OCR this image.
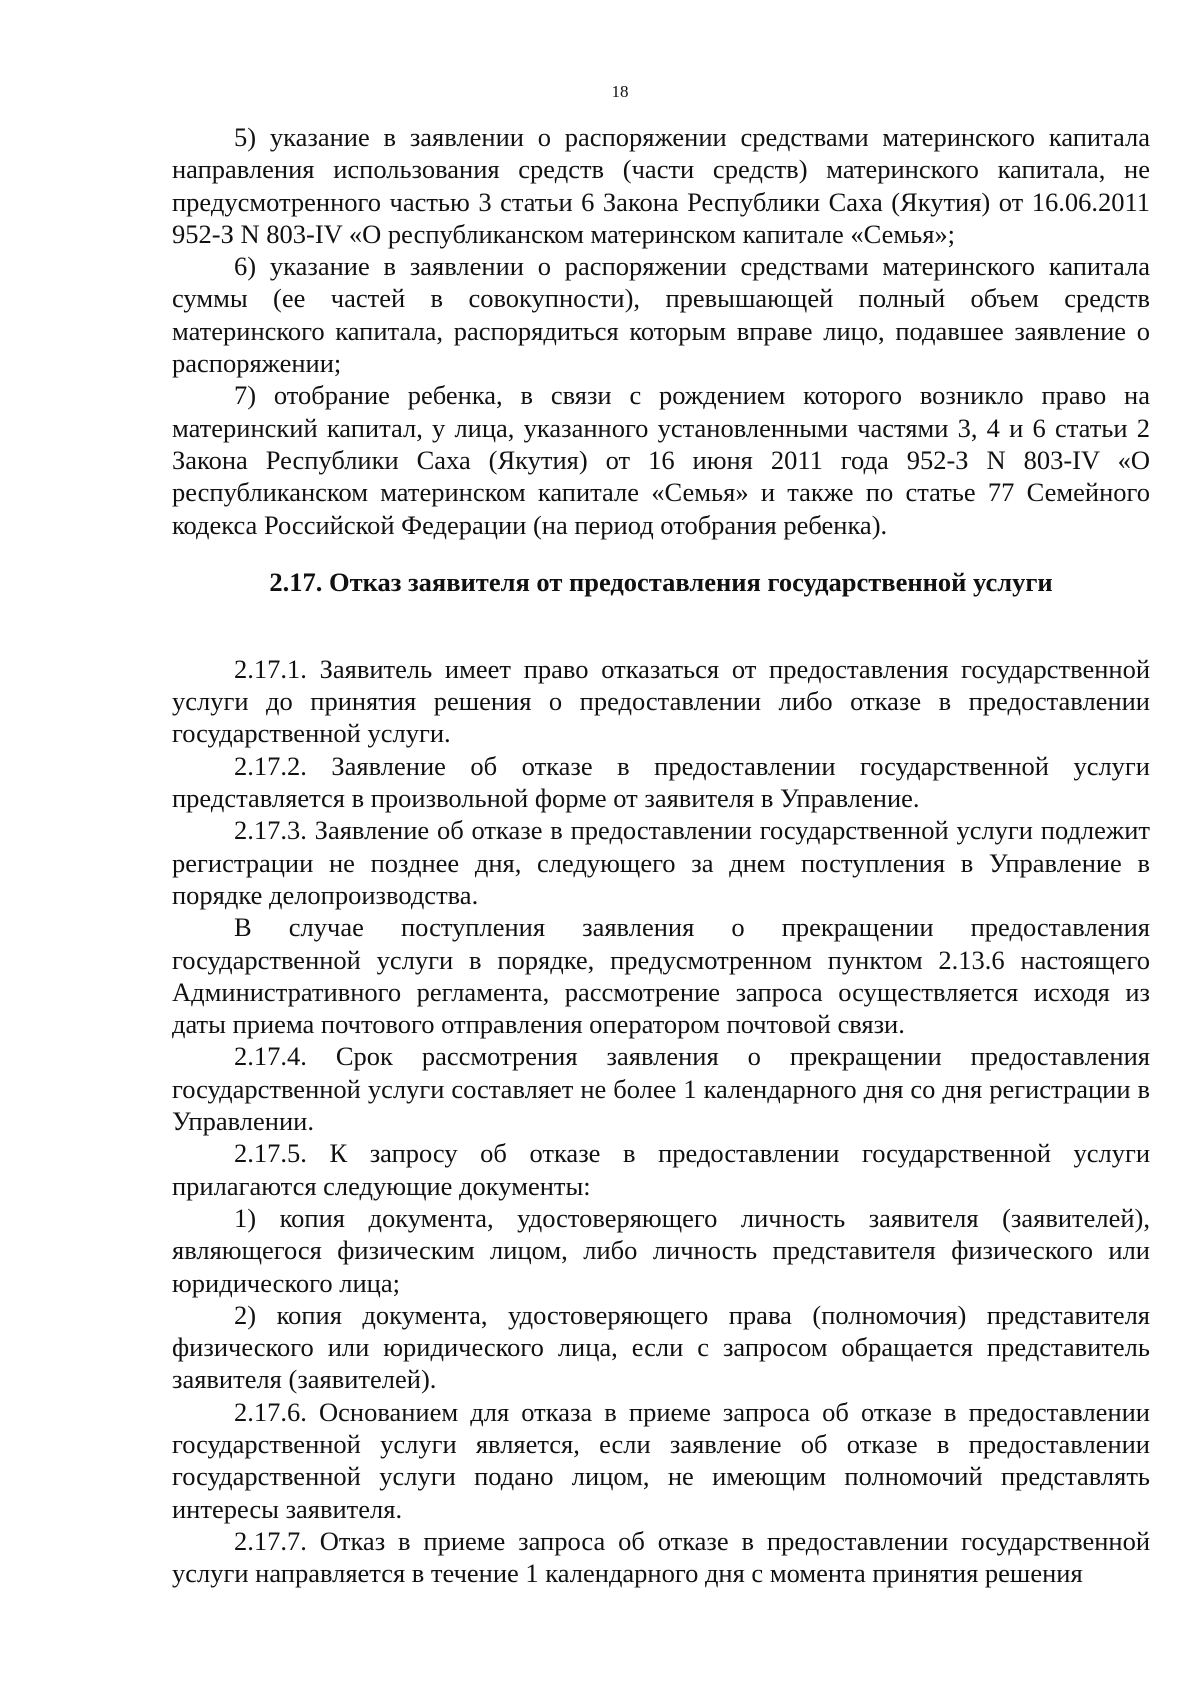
18

5) указание в заявлении о распоряжении средствами материнского капитала направления использования средств (части средств) материнского капитала, не предусмотренного частью 3 статьи 6 Закона Республики Саха (Якутия) от 16.06.2011 952-З N 803-IV «О республиканском материнском капитале «Семья»;

6) указание в заявлении о распоряжении средствами материнского капитала суммы (ее частей в совокупности), превышающей полный объем средств материнского капитала, распорядиться которым вправе лицо, подавшее заявление о распоряжении;

7) отобрание ребенка, в связи с рождением которого возникло право на материнский капитал, у лица, указанного установленными частями 3, 4 и 6 статьи 2 Закона Республики Саха (Якутия) от 16 июня 2011 года 952-З N 803-IV «О республиканском материнском капитале «Семья» и также по статье 77 Семейного кодекса Российской Федерации (на период отобрания ребенка).

2.17. Отказ заявителя от предоставления государственной услуги

2.17.1. Заявитель имеет право отказаться от предоставления государственной услуги до принятия решения о предоставлении либо отказе в предоставлении государственной услуги.

2.17.2. Заявление об отказе в предоставлении государственной услуги представляется в произвольной форме от заявителя в Управление.

2.17.3. Заявление об отказе в предоставлении государственной услуги подлежит регистрации не позднее дня, следующего за днем поступления в Управление в порядке делопроизводства.

В случае поступления заявления о прекращении предоставления государственной услуги в порядке, предусмотренном пунктом 2.13.6 настоящего Административного регламента, рассмотрение запроса осуществляется исходя из даты приема почтового отправления оператором почтовой связи.

2.17.4. Срок рассмотрения заявления о прекращении предоставления государственной услуги составляет не более 1 календарного дня со дня регистрации в Управлении.

2.17.5. К запросу об отказе в предоставлении государственной услуги прилагаются следующие документы:

1) копия документа, удостоверяющего личность заявителя (заявителей), являющегося физическим лицом, либо личность представителя физического или юридического лица;

2) копия документа, удостоверяющего права (полномочия) представителя физического или юридического лица, если с запросом обращается представитель заявителя (заявителей).

2.17.6. Основанием для отказа в приеме запроса об отказе в предоставлении государственной услуги является, если заявление об отказе в предоставлении государственной услуги подано лицом, не имеющим полномочий представлять интересы заявителя.

2.17.7. Отказ в приеме запроса об отказе в предоставлении государственной услуги направляется в течение 1 календарного дня с момента принятия решения
